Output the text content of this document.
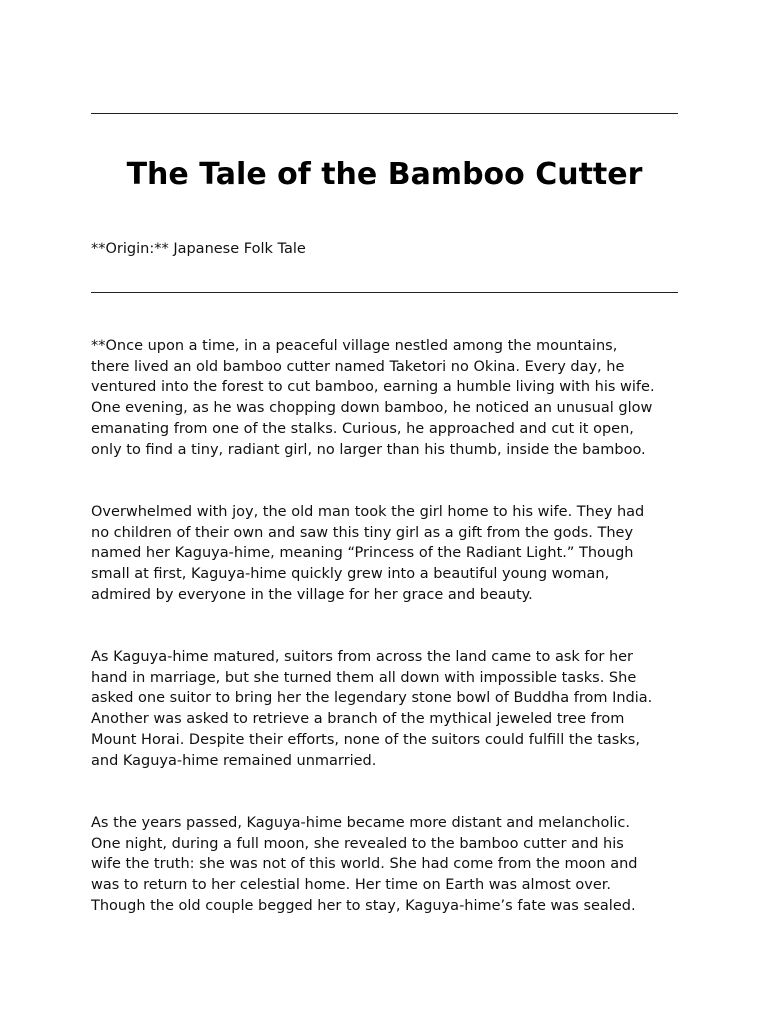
The Tale of the Bamboo Cutter

**Origin:** Japanese Folk Tale

**Once upon a time, in a peaceful village nestled among the mountains,
there lived an old bamboo cutter named Taketori no Okina. Every day, he
ventured into the forest to cut bamboo, earning a humble living with his wife.
One evening, as he was chopping down bamboo, he noticed an unusual glow
emanating from one of the stalks. Curious, he approached and cut it open,
only to find a tiny, radiant girl, no larger than his thumb, inside the bamboo.

Overwhelmed with joy, the old man took the girl home to his wife. They had
no children of their own and saw this tiny girl as a gift from the gods. They
named her Kaguya-hime, meaning “Princess of the Radiant Light.” Though
small at first, Kaguya-hime quickly grew into a beautiful young woman,
admired by everyone in the village for her grace and beauty.

As Kaguya-hime matured, suitors from across the land came to ask for her
hand in marriage, but she turned them all down with impossible tasks. She
asked one suitor to bring her the legendary stone bowl of Buddha from India.
Another was asked to retrieve a branch of the mythical jeweled tree from
Mount Horai. Despite their efforts, none of the suitors could fulfill the tasks,
and Kaguya-hime remained unmarried.

As the years passed, Kaguya-hime became more distant and melancholic.
One night, during a full moon, she revealed to the bamboo cutter and his
wife the truth: she was not of this world. She had come from the moon and
was to return to her celestial home. Her time on Earth was almost over.
Though the old couple begged her to stay, Kaguya-hime’s fate was sealed.
